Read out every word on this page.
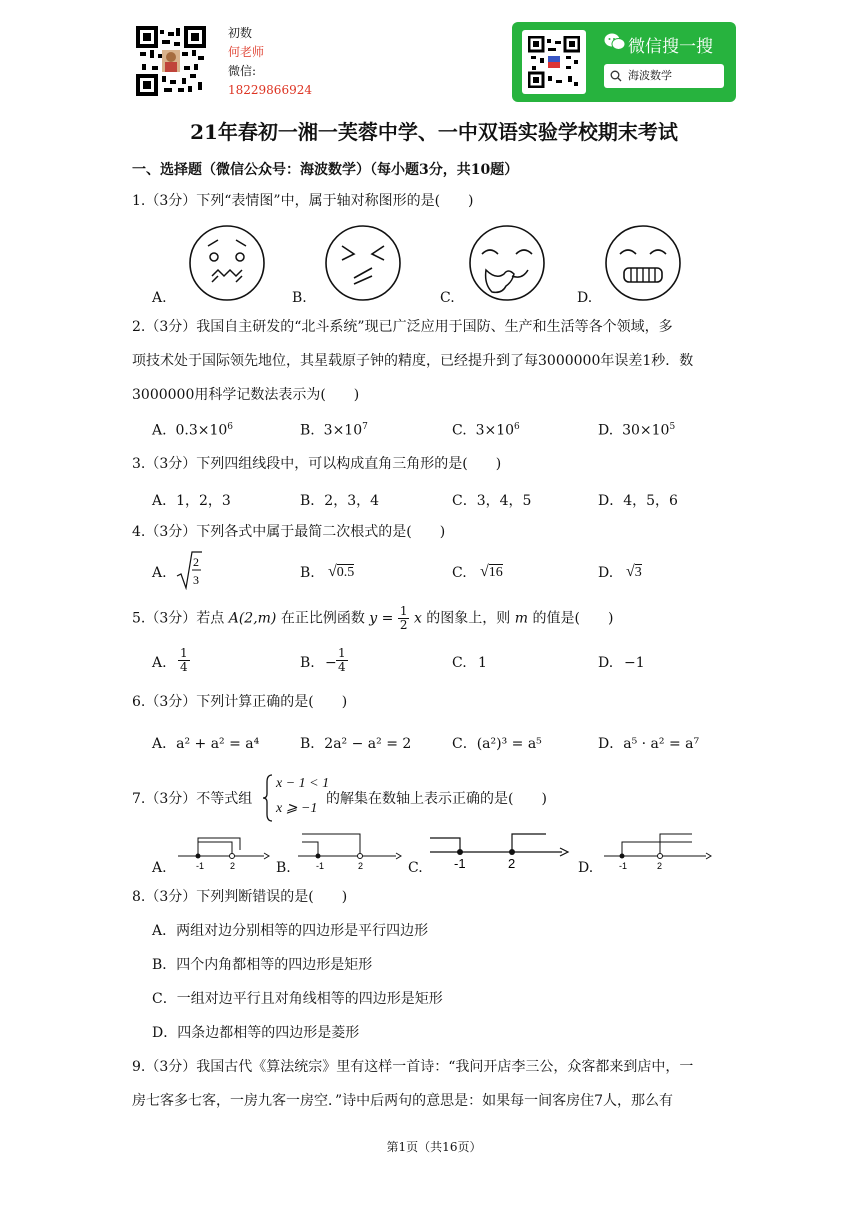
初数
何老师
微信:
18229866924
微信搜一搜
海波数学
21年春初一湘一芙蓉中学、一中双语实验学校期末考试
一、选择题（微信公众号：海波数学）（每小题3分，共10题）
1.（3分）下列“表情图”中，属于轴对称图形的是(　　)
A.	B.	C.	D.
2.（3分）我国自主研发的“北斗系统”现已广泛应用于国防、生产和生活等各个领域，多
项技术处于国际领先地位，其星载原子钟的精度，已经提升到了每3000000年误差1秒．数
3000000用科学记数法表示为(　　)
A. $0.3\times 10^6$	B. $3\times 10^7$	C. $3\times 10^6$	D. $30\times 10^5$
3.（3分）下列四组线段中，可以构成直角三角形的是(　　)
A．1，2，3	B．2，3，4	C．3，4，5	D．4，5，6
4.（3分）下列各式中属于最简二次根式的是(　　)
A.
2
3	B. √0.5	C. √16	D. √3
5.（3分）若点 A(2,m) 在正比例函数 $y = \frac{1}{2}$ x 的图象上，则 m 的值是(　　)
A. $\frac{1}{4}$	B. − $\frac{1}{4}$	C. 1	D. −1
6.（3分）下列计算正确的是(　　)
A．a² + a² = a⁴	B．2a² − a² = 2	C．(a²)³ = a⁵	D．a⁵ · a² = a⁷
7.（3分）不等式组
x − 1 < 1
x ⩾ −1
的解集在数轴上表示正确的是(　　)
A.	-1	2	B.	-1	2	C. -1	2	D.	-1	2
8.（3分）下列判断错误的是(　　)
A．两组对边分别相等的四边形是平行四边形
B．四个内角都相等的四边形是矩形
C．一组对边平行且对角线相等的四边形是矩形
D．四条边都相等的四边形是菱形
9.（3分）我国古代《算法统宗》里有这样一首诗：“我问开店李三公，众客都来到店中，一
房七客多七客，一房九客一房空．”诗中后两句的意思是：如果每一间客房住7人，那么有
第1页（共16页）
